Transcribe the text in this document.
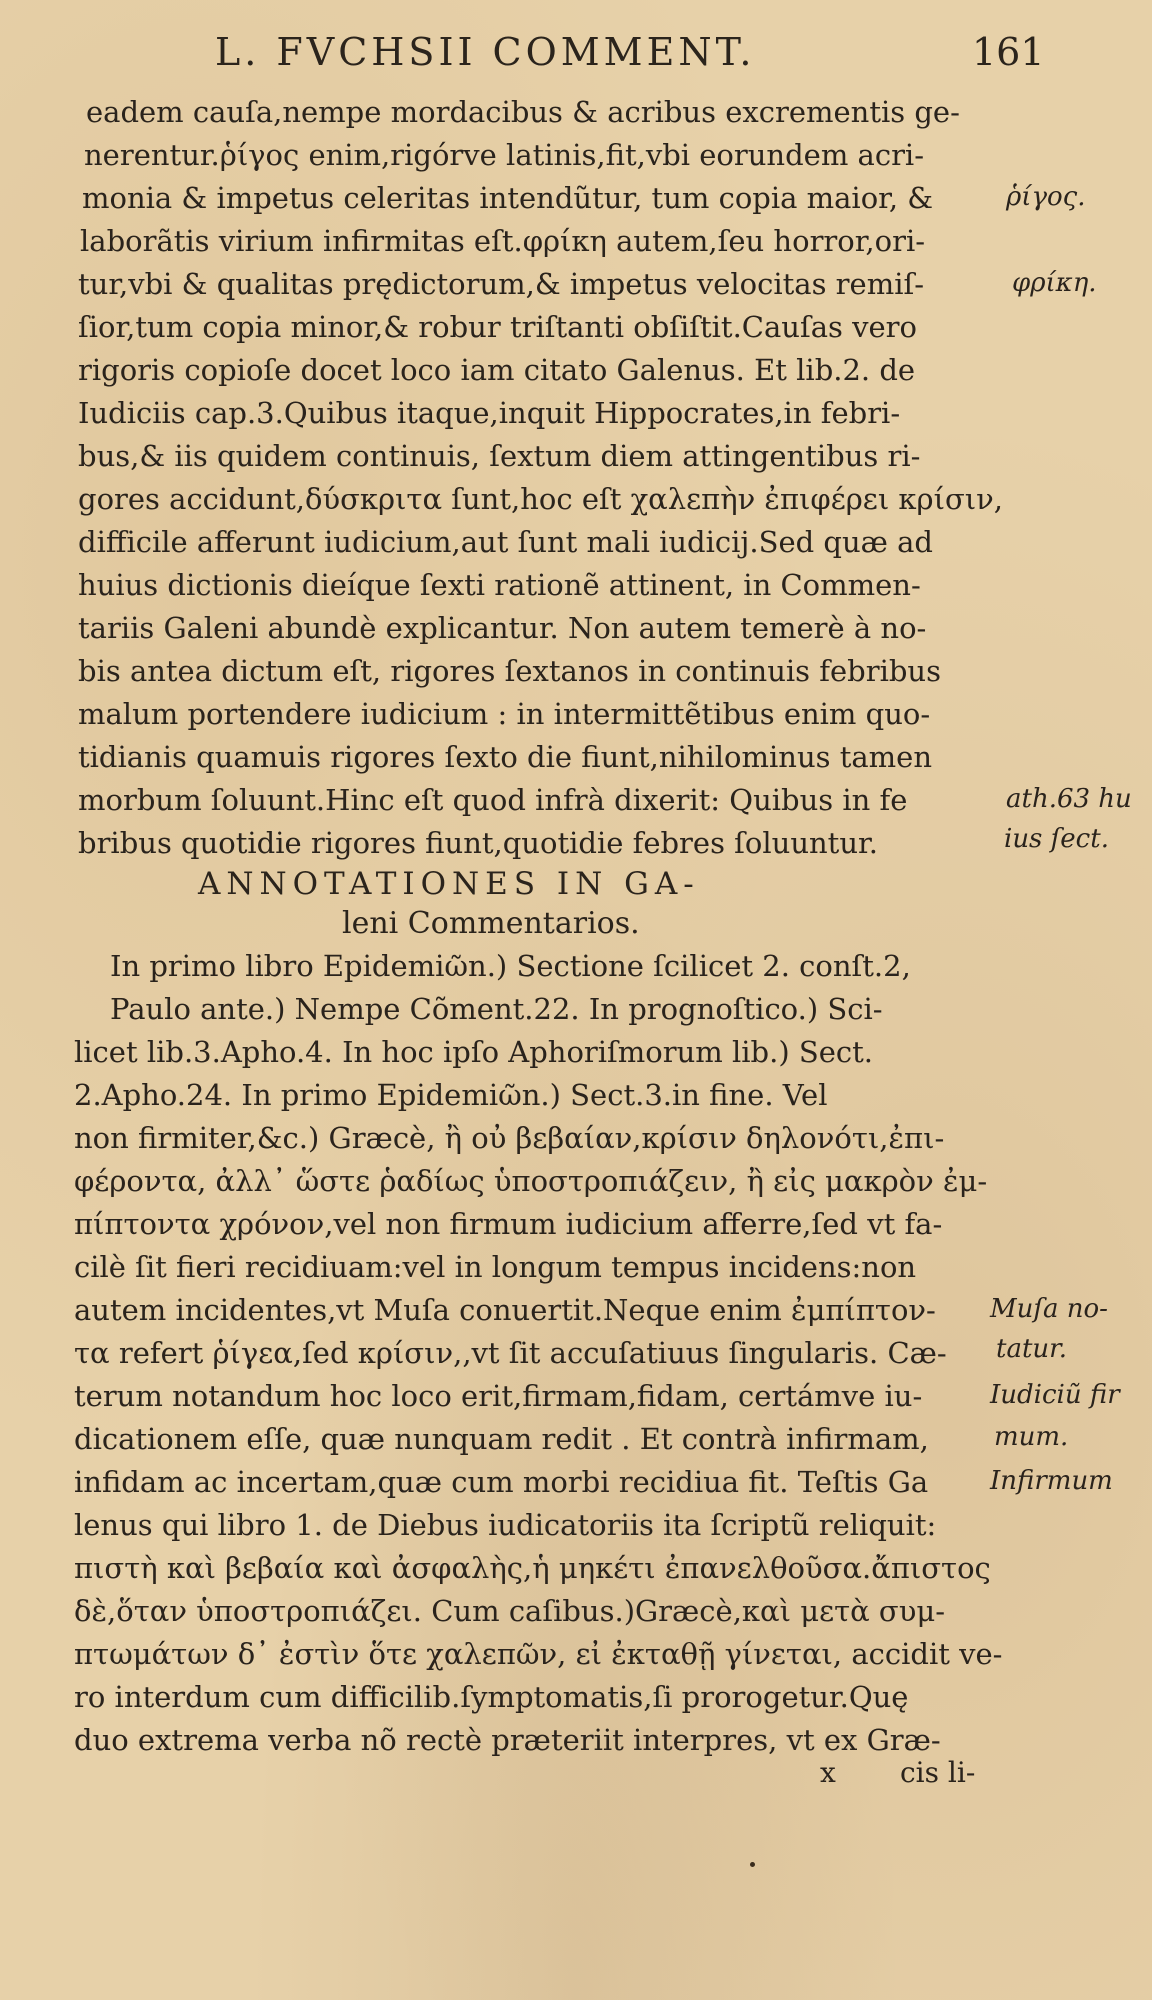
L. FVCHSII COMMENT.	161
eadem cauſa,nempe mordacibus & acribus excrementis ge-
nerentur.ῥίγος enim,rigórve latinis,fit,vbi eorundem acri-
monia & impetus celeritas intendũtur, tum copia maior, &
laborãtis virium infirmitas eſt.φρίκη autem,ſeu horror,ori-
tur,vbi & qualitas prędictorum,& impetus velocitas remiſ-
ſior,tum copia minor,& robur triſtanti obſiſtit.Cauſas vero
rigoris copioſe docet loco iam citato Galenus. Et lib.2. de
Iudiciis cap.3.Quibus itaque,inquit Hippocrates,in febri-
bus,& iis quidem continuis, ſextum diem attingentibus ri-
gores accidunt,δύσκριτα ſunt,hoc eſt χαλεπὴν ἐπιφέρει κρίσιν,
difficile afferunt iudicium,aut ſunt mali iudicij.Sed quæ ad
huius dictionis dieíque ſexti rationẽ attinent, in Commen-
tariis Galeni abundè explicantur. Non autem temerè à no-
bis antea dictum eſt, rigores ſextanos in continuis febribus
malum portendere iudicium : in intermittẽtibus enim quo-
tidianis quamuis rigores ſexto die fiunt,nihilominus tamen
morbum ſoluunt.Hinc eſt quod infrà dixerit: Quibus in fe
bribus quotidie rigores fiunt,quotidie febres ſoluuntur.
ANNOTATIONES IN GA-
leni Commentarios.
In primo libro Epidemiῶn.) Sectione ſcilicet 2. conſt.2,
Paulo ante.) Nempe Cõment.22. In prognoſtico.) Sci-
licet lib.3.Apho.4. In hoc ipſo Aphoriſmorum lib.) Sect.
2.Apho.24. In primo Epidemiῶn.) Sect.3.in fine. Vel
non firmiter,&c.) Græcè, ἢ οὐ βεβαίαν,κρίσιν δηλονότι,ἐπι-
φέροντα, ἀλλ᾽ ὥστε ῥαδίως ὑποστροπιάζειν, ἢ εἰς μακρὸν ἐμ-
πίπτοντα χρόνον,vel non firmum iudicium afferre,ſed vt fa-
cilè ſit fieri recidiuam:vel in longum tempus incidens:non
autem incidentes,vt Muſa conuertit.Neque enim ἐμπίπτον-
τα refert ῥίγεα,ſed κρίσιν,,vt ſit accuſatiuus ſingularis. Cæ-
terum notandum hoc loco erit,firmam,fidam, certámve iu-
dicationem eſſe, quæ nunquam redit . Et contrà infirmam,
infidam ac incertam,quæ cum morbi recidiua fit. Teſtis Ga
lenus qui libro 1. de Diebus iudicatoriis ita ſcriptũ reliquit:
πιστὴ καὶ βεβαία καὶ ἀσφαλὴς,ἡ μηκέτι ἐπανελθοῦσα.ἄπιστος
δὲ,ὅταν ὑποστροπιάζει. Cum caſibus.)Græcè,καὶ μετὰ συμ-
πτωμάτων δ᾽ ἐστὶν ὅτε χαλεπῶν, εἰ ἐκταθῇ γίνεται, accidit ve-
ro interdum cum difficilib.ſymptomatis,ſi prorogetur.Quę
duo extrema verba nõ rectè præteriit interpres, vt ex Græ-
ῥίγος.
φρίκη.
ath.63 hu
ius ſect.
Muſa no-
tatur.
Iudiciũ fir
mum.
Infirmum
x cis li-
